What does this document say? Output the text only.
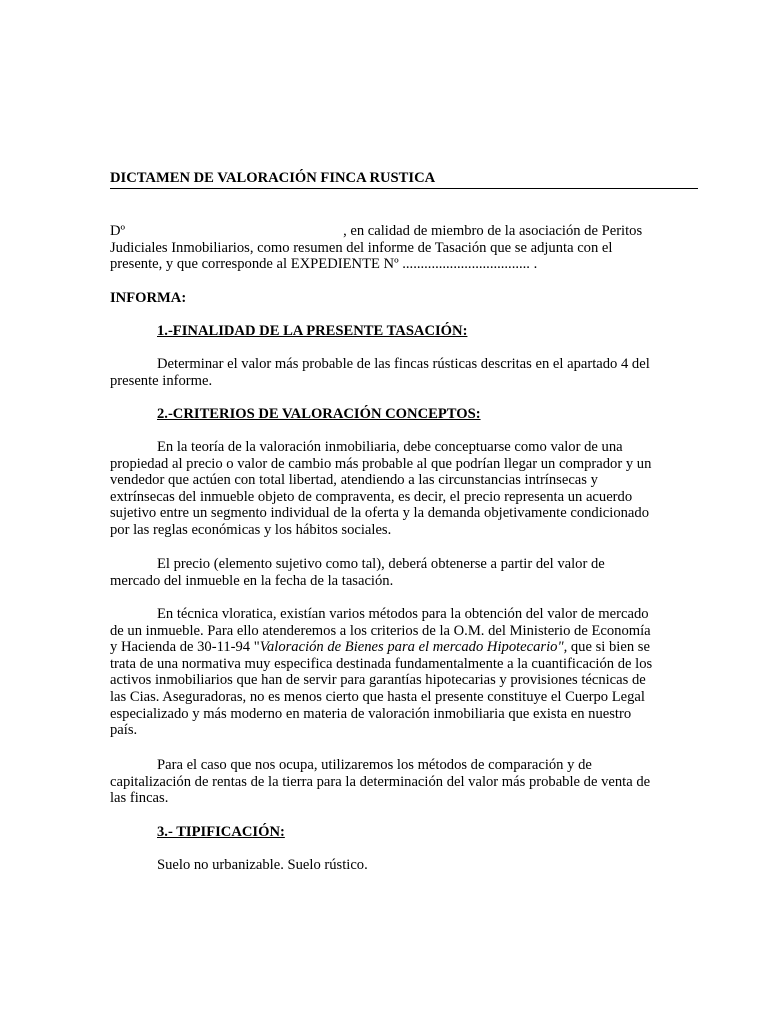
DICTAMEN DE VALORACIÓN FINCA RUSTICA

Dº	, en calidad de miembro de la asociación de Peritos Judiciales Inmobiliarios, como resumen del informe de Tasación que se adjunta con el presente, y que corresponde al EXPEDIENTE Nº ................................... .

INFORMA:

1.-FINALIDAD DE LA PRESENTE TASACIÓN:

Determinar el valor más probable de las fincas rústicas descritas en el apartado 4 del presente informe.

2.-CRITERIOS DE VALORACIÓN CONCEPTOS:

En la teoría de la valoración inmobiliaria, debe conceptuarse como valor de una propiedad al precio o valor de cambio más probable al que podrían llegar un comprador y un vendedor que actúen con total libertad, atendiendo a las circunstancias intrínsecas y extrínsecas del inmueble objeto de compraventa, es decir, el precio representa un acuerdo sujetivo entre un segmento individual de la oferta y la demanda objetivamente condicionado por las reglas económicas y los hábitos sociales.

El precio (elemento sujetivo como tal), deberá obtenerse a partir del valor de mercado del inmueble en la fecha de la tasación.

En técnica vloratica, existían varios métodos para la obtención del valor de mercado de un inmueble. Para ello atenderemos a los criterios de la O.M. del Ministerio de Economía y Hacienda de 30-11-94 "Valoración de Bienes para el mercado Hipotecario", que si bien se trata de una normativa muy especifica destinada fundamentalmente a la cuantificación de los activos inmobiliarios que han de servir para garantías hipotecarias y provisiones técnicas de las Cias. Aseguradoras, no es menos cierto que hasta el presente constituye el Cuerpo Legal especializado y más moderno en materia de valoración inmobiliaria que exista en nuestro país.

Para el caso que nos ocupa, utilizaremos los métodos de comparación y de capitalización de rentas de la tierra para la determinación del valor más probable de venta de las fincas.

3.- TIPIFICACIÓN:

Suelo no urbanizable. Suelo rústico.
